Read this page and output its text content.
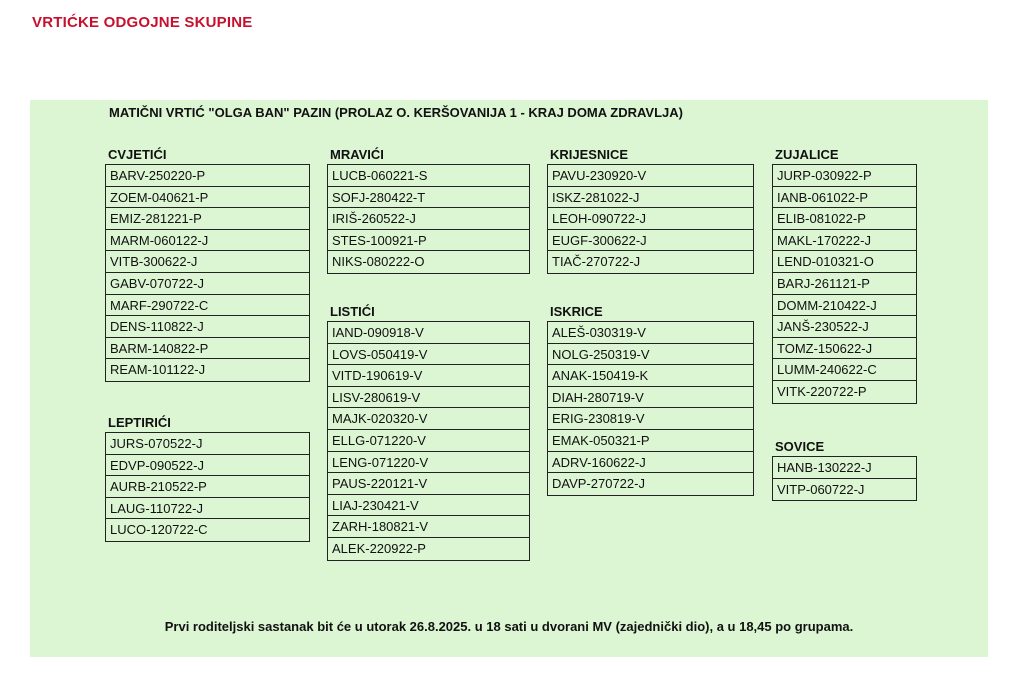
VRTIĆKE ODGOJNE SKUPINE
MATIČNI VRTIĆ "OLGA BAN" PAZIN (PROLAZ O. KERŠOVANIJA 1 - KRAJ DOMA ZDRAVLJA)
CVJETIĆI
BARV-250220-P
ZOEM-040621-P
EMIZ-281221-P
MARM-060122-J
VITB-300622-J
GABV-070722-J
MARF-290722-C
DENS-110822-J
BARM-140822-P
REAM-101122-J
LEPTIRIĆI
JURS-070522-J
EDVP-090522-J
AURB-210522-P
LAUG-110722-J
LUCO-120722-C
MRAVIĆI
LUCB-060221-S
SOFJ-280422-T
IRIŠ-260522-J
STES-100921-P
NIKS-080222-O
LISTIĆI
IAND-090918-V
LOVS-050419-V
VITD-190619-V
LISV-280619-V
MAJK-020320-V
ELLG-071220-V
LENG-071220-V
PAUS-220121-V
LIAJ-230421-V
ZARH-180821-V
ALEK-220922-P
KRIJESNICE
PAVU-230920-V
ISKZ-281022-J
LEOH-090722-J
EUGF-300622-J
TIAČ-270722-J
ISKRICE
ALEŠ-030319-V
NOLG-250319-V
ANAK-150419-K
DIAH-280719-V
ERIG-230819-V
EMAK-050321-P
ADRV-160622-J
DAVP-270722-J
ZUJALICE
JURP-030922-P
IANB-061022-P
ELIB-081022-P
MAKL-170222-J
LEND-010321-O
BARJ-261121-P
DOMM-210422-J
JANŠ-230522-J
TOMZ-150622-J
LUMM-240622-C
VITK-220722-P
SOVICE
HANB-130222-J
VITP-060722-J
Prvi roditeljski sastanak bit će u utorak 26.8.2025. u 18 sati u dvorani MV (zajednički dio), a u 18,45 po grupama.
